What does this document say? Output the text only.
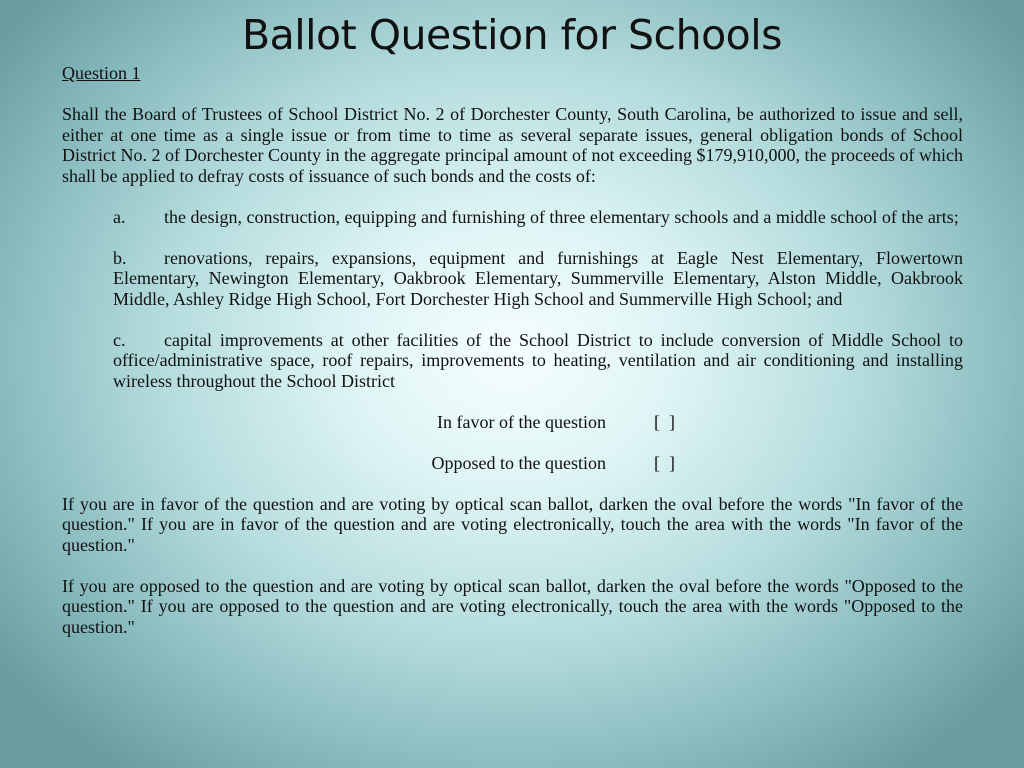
Ballot Question for Schools

Question 1

Shall the Board of Trustees of School District No. 2 of Dorchester County, South Carolina, be authorized to issue and sell, either at one time as a single issue or from time to time as several separate issues, general obligation bonds of School District No. 2 of Dorchester County in the aggregate principal amount of not exceeding $179,910,000, the proceeds of which shall be applied to defray costs of issuance of such bonds and the costs of:

a. the design, construction, equipping and furnishing of three elementary schools and a middle school of the arts;
b. renovations, repairs, expansions, equipment and furnishings at Eagle Nest Elementary, Flowertown Elementary, Newington Elementary, Oakbrook Elementary, Summerville Elementary, Alston Middle, Oakbrook Middle, Ashley Ridge High School, Fort Dorchester High School and Summerville High School; and
c. capital improvements at other facilities of the School District to include conversion of Middle School to office/administrative space, roof repairs, improvements to heating, ventilation and air conditioning and installing wireless throughout the School District
In favor of the question	[  ]
Opposed to the question	[  ]

If you are in favor of the question and are voting by optical scan ballot, darken the oval before the words "In favor of the question." If you are in favor of the question and are voting electronically, touch the area with the words "In favor of the question."

If you are opposed to the question and are voting by optical scan ballot, darken the oval before the words "Opposed to the question." If you are opposed to the question and are voting electronically, touch the area with the words "Opposed to the question."
